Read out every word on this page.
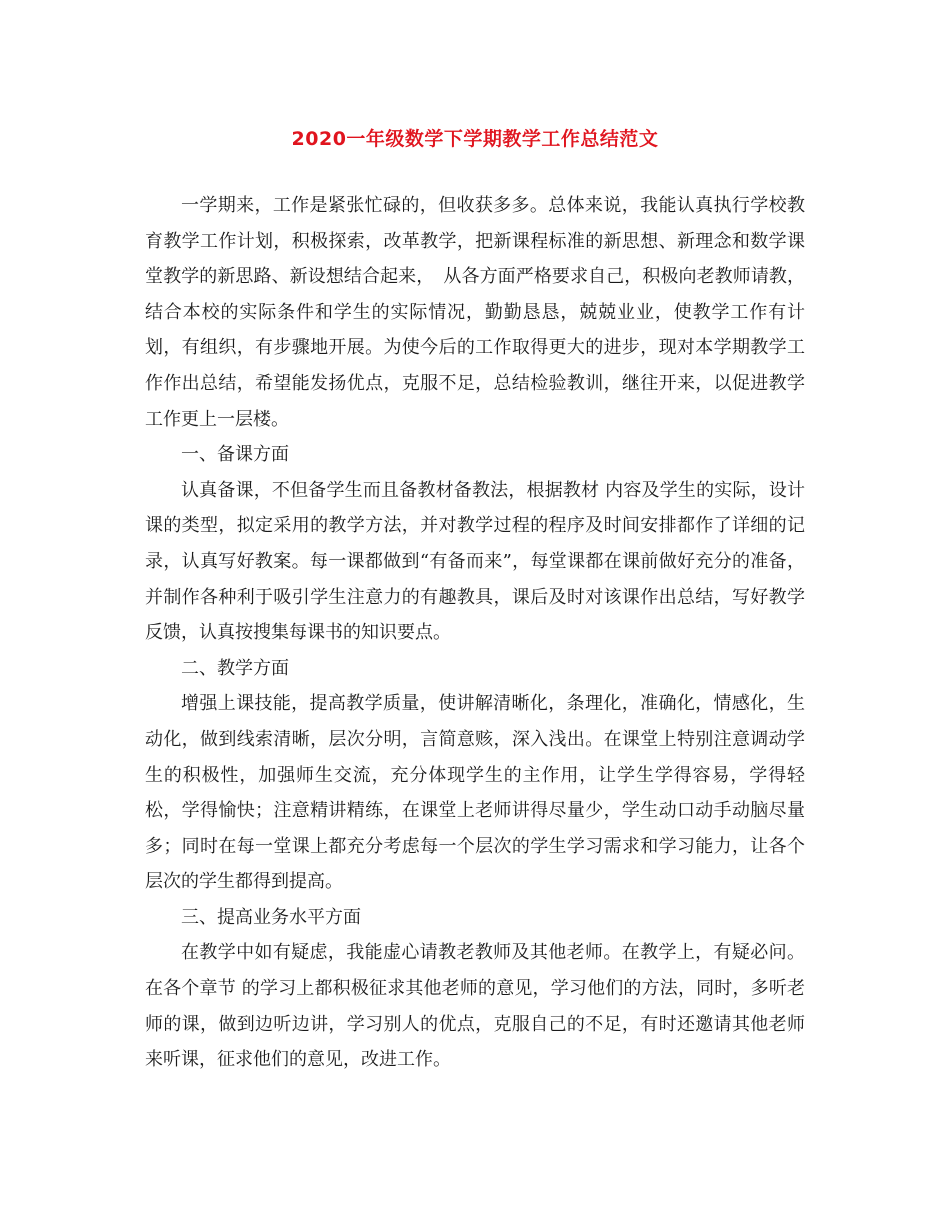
2020一年级数学下学期教学工作总结范文

一学期来，工作是紧张忙碌的，但收获多多。总体来说，我能认真执行学校教育教学工作计划，积极探索，改革教学，把新课程标准的新思想、新理念和数学课堂教学的新思路、新设想结合起来，　从各方面严格要求自己，积极向老教师请教，结合本校的实际条件和学生的实际情况，勤勤恳恳，兢兢业业，使教学工作有计划，有组织，有步骤地开展。为使今后的工作取得更大的进步，现对本学期教学工作作出总结，希望能发扬优点，克服不足，总结检验教训，继往开来，以促进教学工作更上一层楼。

一、备课方面

认真备课，不但备学生而且备教材备教法，根据教材 内容及学生的实际，设计课的类型，拟定采用的教学方法，并对教学过程的程序及时间安排都作了详细的记录，认真写好教案。每一课都做到“有备而来”，每堂课都在课前做好充分的准备，并制作各种利于吸引学生注意力的有趣教具，课后及时对该课作出总结，写好教学反馈，认真按搜集每课书的知识要点。

二、教学方面

增强上课技能，提高教学质量，使讲解清晰化，条理化，准确化，情感化，生动化，做到线索清晰，层次分明，言简意赅，深入浅出。在课堂上特别注意调动学生的积极性，加强师生交流，充分体现学生的主作用，让学生学得容易，学得轻松，学得愉快；注意精讲精练，在课堂上老师讲得尽量少，学生动口动手动脑尽量多；同时在每一堂课上都充分考虑每一个层次的学生学习需求和学习能力，让各个层次的学生都得到提高。

三、提高业务水平方面

在教学中如有疑虑，我能虚心请教老教师及其他老师。在教学上，有疑必问。在各个章节 的学习上都积极征求其他老师的意见，学习他们的方法，同时，多听老师的课，做到边听边讲，学习别人的优点，克服自己的不足，有时还邀请其他老师来听课，征求他们的意见，改进工作。
